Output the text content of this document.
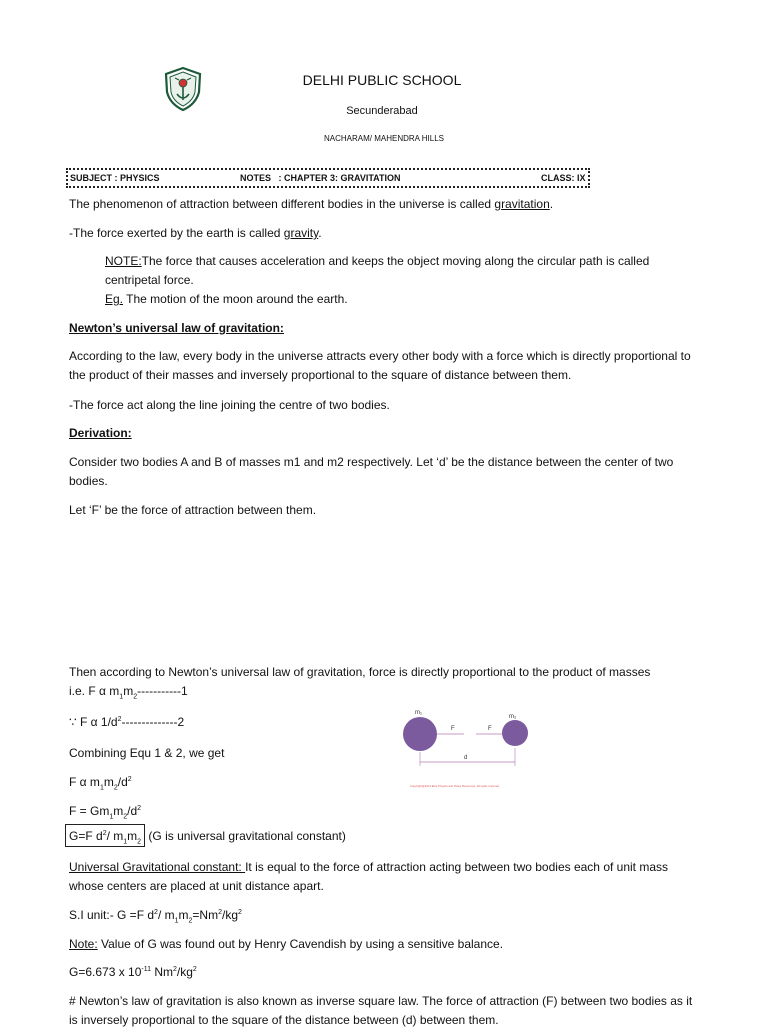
DELHI PUBLIC SCHOOL
Secunderabad
NACHARAM/ MAHENDRA HILLS
SUBJECT : PHYSICS	NOTES   : CHAPTER 3: GRAVITATION	CLASS: IX
The phenomenon of attraction between different bodies in the universe is called gravitation.
-The force exerted by the earth is called gravity.
NOTE:The force that causes acceleration and keeps the object moving along the circular path is called centripetal force.
Eg. The motion of the moon around the earth.
Newton’s universal law of gravitation:
According to the law, every body in the universe attracts every other body with a force which is directly proportional to the product of their masses and inversely proportional to the square of distance between them.
-The force act along the line joining the centre of two bodies.
Derivation:
Consider two bodies A and B of masses m1 and m2 respectively. Let ‘d’ be the distance between the center of two bodies.
Let ‘F’ be the force of attraction between them.
Then according to Newton’s universal law of gravitation, force is directly proportional to the product of masses
i.e. F α $m_1m_2-----------1$
∵ F α $1/d^2--------------2$
Combining Equ 1 & 2, we get
F α $m_1m_2/d^2$
$F = Gm_1m_2/d^2$
G=F $d^2/$ $m_1m_2$ (G is universal gravitational constant)
Universal Gravitational constant: It is equal to the force of attraction acting between two bodies each of unit mass whose centers are placed at unit distance apart.
S.I unit:- G =F $d^2/$ $m_1m_2=Nm^2/kg^2$
Note: Value of G was found out by Henry Cavendish by using a sensitive balance.
G=6.673 x $10^{-11}$ $Nm^2/kg^2$
# Newton’s law of gravitation is also known as inverse square law. The force of attraction (F) between two bodies as it is inversely proportional to the square of the distance between (d) between them.
m₁
m₂
F	F
d
Copyright@2014 Elite Physics and Notes Resources. All rights reserved
